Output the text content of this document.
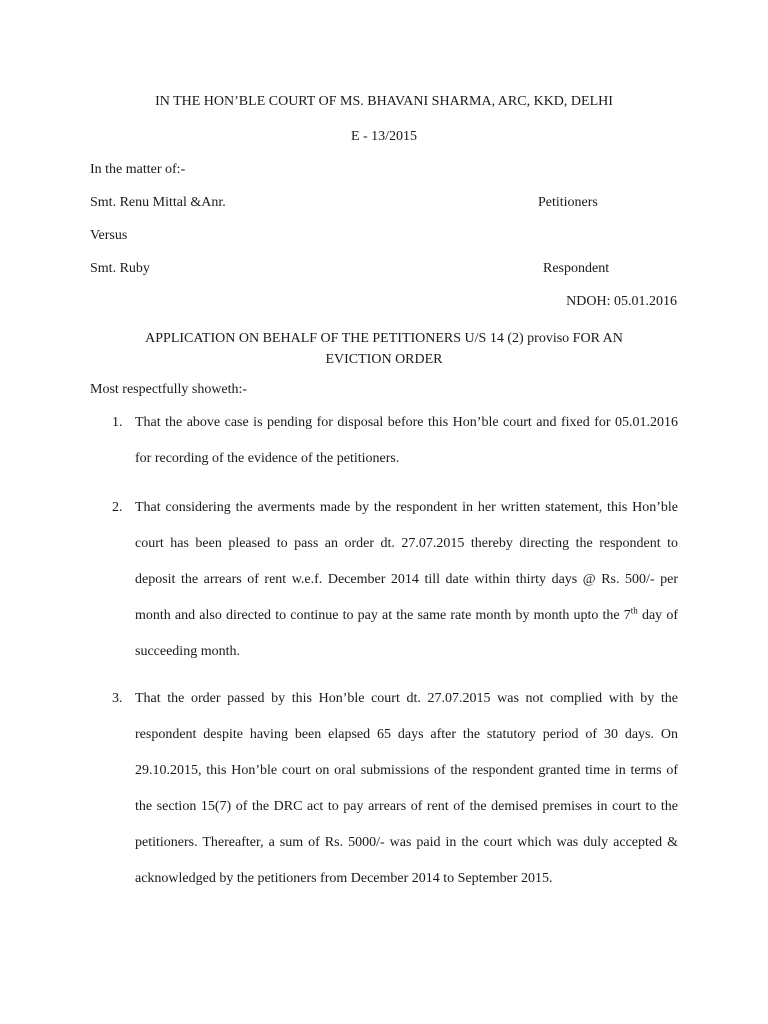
IN THE HON’BLE COURT OF MS. BHAVANI SHARMA, ARC, KKD, DELHI
E - 13/2015
In the matter of:-
Smt. Renu Mittal &Anr.	Petitioners
Versus
Smt. Ruby	Respondent
NDOH: 05.01.2016
APPLICATION ON BEHALF OF THE PETITIONERS U/S 14 (2) proviso FOR AN
EVICTION ORDER
Most respectfully showeth:-
1. That the above case is pending for disposal before this Hon’ble court and fixed for 05.01.2016 for recording of the evidence of the petitioners.
2. That considering the averments made by the respondent in her written statement, this Hon’ble court has been pleased to pass an order dt. 27.07.2015 thereby directing the respondent to deposit the arrears of rent w.e.f. December 2014 till date within thirty days @ Rs. 500/- per month and also directed to continue to pay at the same rate month by month upto the 7th day of succeeding month.
3. That the order passed by this Hon’ble court dt. 27.07.2015 was not complied with by the respondent despite having been elapsed 65 days after the statutory period of 30 days. On 29.10.2015, this Hon’ble court on oral submissions of the respondent granted time in terms of the section 15(7) of the DRC act to pay arrears of rent of the demised premises in court to the petitioners. Thereafter, a sum of Rs. 5000/- was paid in the court which was duly accepted & acknowledged by the petitioners from December 2014 to September 2015.
